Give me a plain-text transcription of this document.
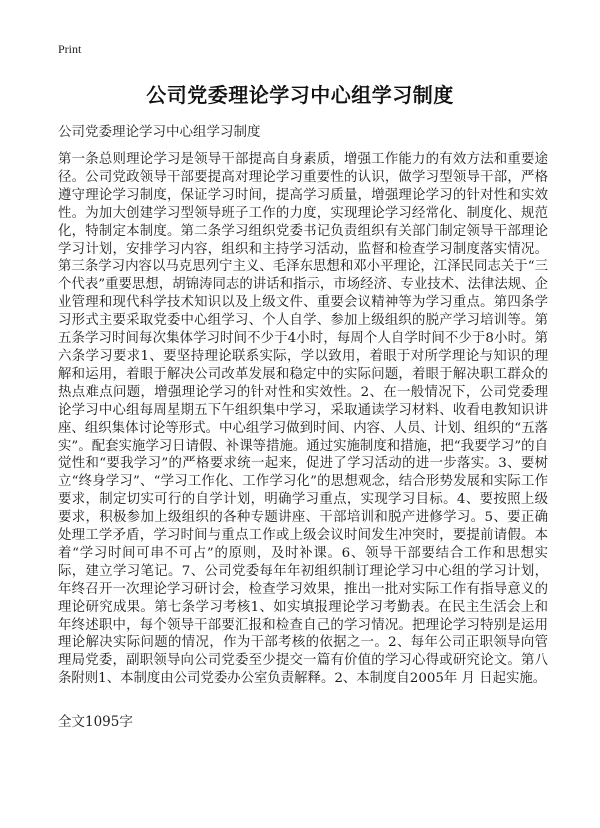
Print
公司党委理论学习中心组学习制度
公司党委理论学习中心组学习制度
第一条总则理论学习是领导干部提高自身素质，增强工作能力的有效方法和重要途径。公司党政领导干部要提高对理论学习重要性的认识，做学习型领导干部，严格遵守理论学习制度，保证学习时间，提高学习质量，增强理论学习的针对性和实效性。为加大创建学习型领导班子工作的力度，实现理论学习经常化、制度化、规范化，特制定本制度。第二条学习组织党委书记负责组织有关部门制定领导干部理论学习计划，安排学习内容，组织和主持学习活动，监督和检查学习制度落实情况。第三条学习内容以马克思列宁主义、毛泽东思想和邓小平理论，江泽民同志关于“三个代表”重要思想，胡锦涛同志的讲话和指示，市场经济、专业技术、法律法规、企业管理和现代科学技术知识以及上级文件、重要会议精神等为学习重点。第四条学习形式主要采取党委中心组学习、个人自学、参加上级组织的脱产学习培训等。第五条学习时间每次集体学习时间不少于4小时，每周个人自学时间不少于8小时。第六条学习要求1、要坚持理论联系实际，学以致用，着眼于对所学理论与知识的理解和运用，着眼于解决公司改革发展和稳定中的实际问题，着眼于解决职工群众的热点难点问题，增强理论学习的针对性和实效性。2、在一般情况下，公司党委理论学习中心组每周星期五下午组织集中学习，采取通读学习材料、收看电教知识讲座、组织集体讨论等形式。中心组学习做到时间、内容、人员、计划、组织的“五落实”。配套实施学习日请假、补课等措施。通过实施制度和措施，把“我要学习”的自觉性和“要我学习”的严格要求统一起来，促进了学习活动的进一步落实。3、要树立“终身学习”、“学习工作化、工作学习化”的思想观念，结合形势发展和实际工作要求，制定切实可行的自学计划，明确学习重点，实现学习目标。4、要按照上级要求，积极参加上级组织的各种专题讲座、干部培训和脱产进修学习。5、要正确处理工学矛盾，学习时间与重点工作或上级会议时间发生冲突时，要提前请假。本着“学习时间可串不可占”的原则，及时补课。6、领导干部要结合工作和思想实际，建立学习笔记。7、公司党委每年年初组织制订理论学习中心组的学习计划，年终召开一次理论学习研讨会，检查学习效果，推出一批对实际工作有指导意义的理论研究成果。第七条学习考核1、如实填报理论学习考勤表。在民主生活会上和年终述职中，每个领导干部要汇报和检查自己的学习情况。把理论学习特别是运用理论解决实际问题的情况，作为干部考核的依据之一。2、每年公司正职领导向管理局党委，副职领导向公司党委至少提交一篇有价值的学习心得或研究论文。第八条附则1、本制度由公司党委办公室负责解释。2、本制度自2005年 月 日起实施。
全文1095字
